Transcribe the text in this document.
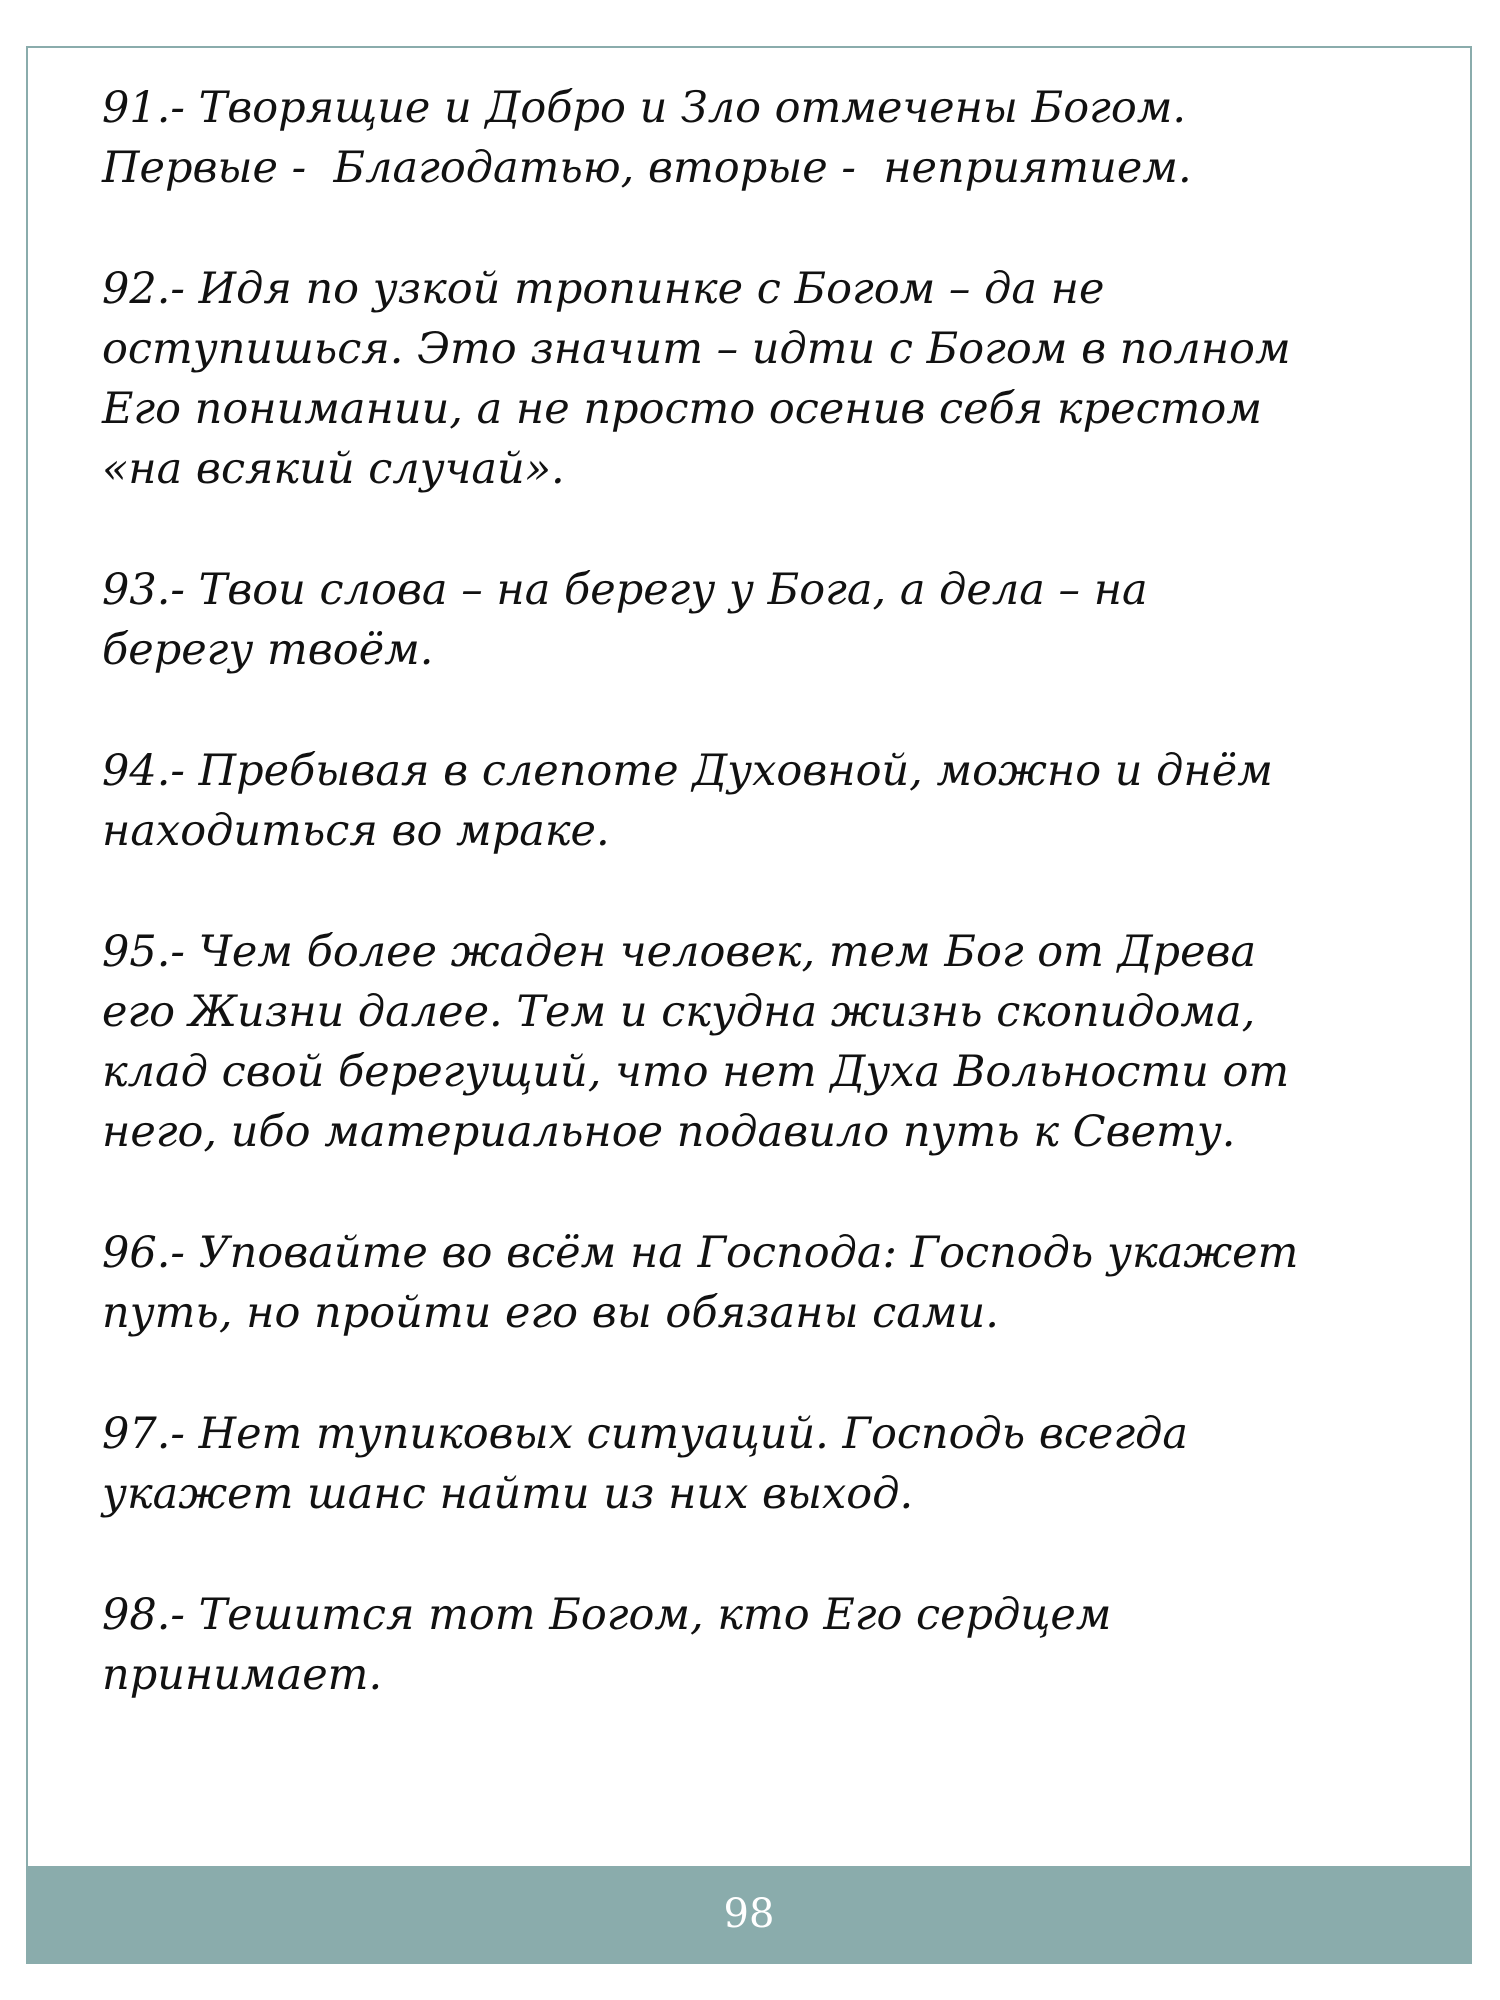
91.- Творящие и Добро и Зло отмечены Богом.
Первые -  Благодатью, вторые -  неприятием.

92.- Идя по узкой тропинке с Богом – да не
оступишься. Это значит – идти с Богом в полном
Его понимании, а не просто осенив себя крестом
«на всякий случай».

93.- Твои слова – на берегу у Бога, а дела – на
берегу твоём.

94.- Пребывая в слепоте Духовной, можно и днём
находиться во мраке.

95.- Чем более жаден человек, тем Бог от Древа
его Жизни далее. Тем и скудна жизнь скопидома,
клад свой берегущий, что нет Духа Вольности от
него, ибо материальное подавило путь к Свету.

96.- Уповайте во всём на Господа: Господь укажет
путь, но пройти его вы обязаны сами.

97.- Нет тупиковых ситуаций. Господь всегда
укажет шанс найти из них выход.

98.- Тешится тот Богом, кто Его сердцем
принимает.

98
